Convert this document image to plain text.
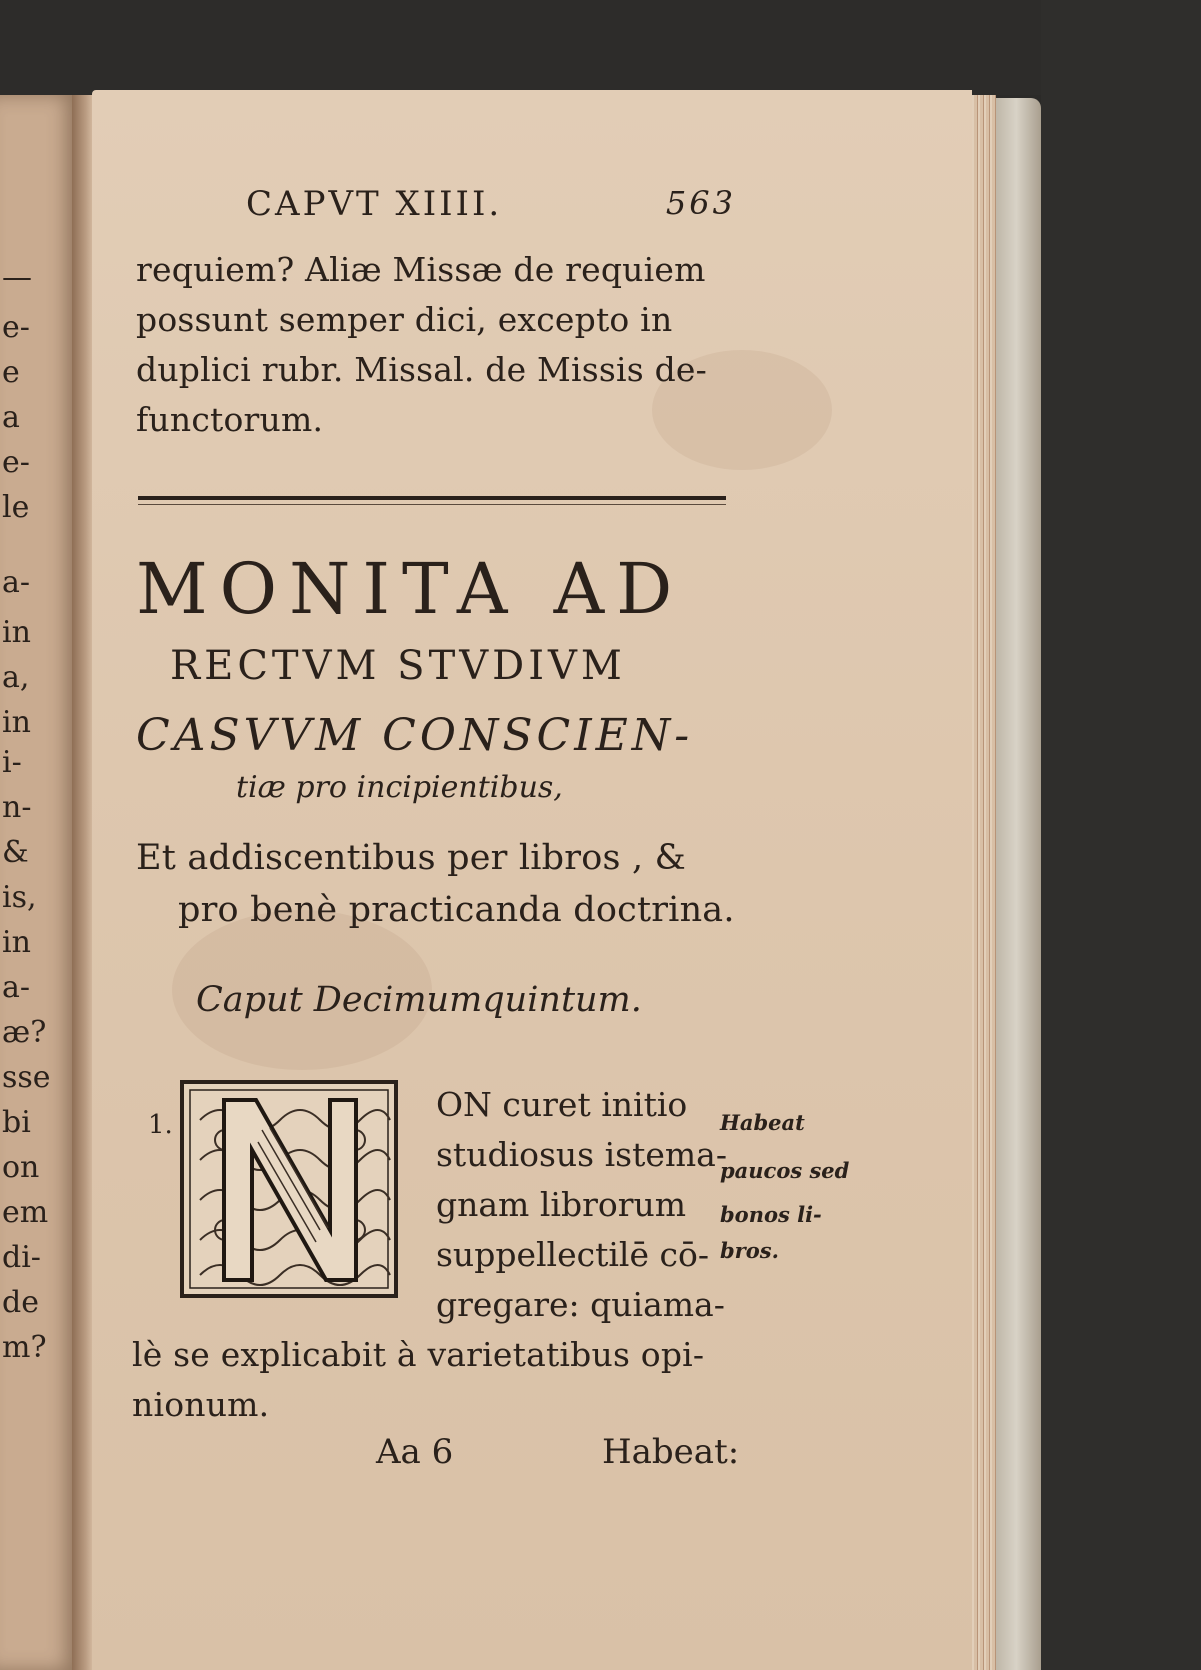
—
e-
e
a
e-
le
a-
in
a,
in
i-
n-
&
is,
in
a-
æ?
sse
bi
on
em
di-
de
m?
CAPVT XIIII.	563
requiem? Aliæ Missæ de requiem
possunt semper dici, excepto in
duplici rubr. Missal. de Missis de-
functorum.
MONITA AD
RECTVM STVDIVM
CASVVM CONSCIEN-
tiæ pro incipientibus,
Et addiscentibus per libros , &
pro benè practicanda doctrina.
Caput Decimumquintum.
1.
ON curet initio
studiosus istema-
gnam librorum
suppellectilē cō-
gregare: quiama-
lè se explicabit à varietatibus opi-
nionum.
Habeat
paucos sed
bonos li-
bros.
Aa 6	Habeat:
